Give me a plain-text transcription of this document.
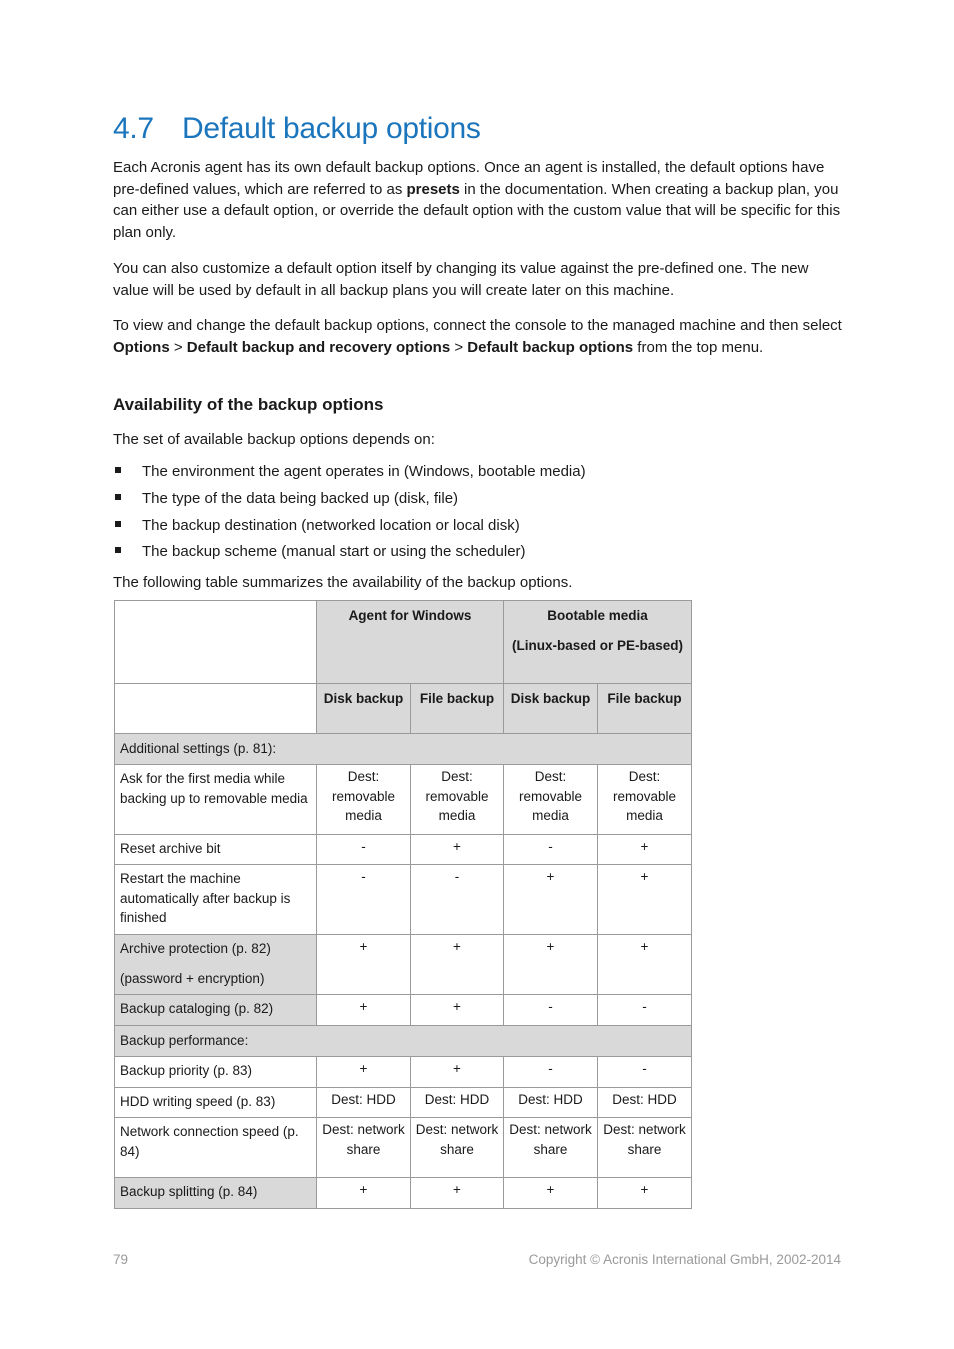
4.7 Default backup options

Each Acronis agent has its own default backup options. Once an agent is installed, the default options have pre-defined values, which are referred to as presets in the documentation. When creating a backup plan, you can either use a default option, or override the default option with the custom value that will be specific for this plan only.

You can also customize a default option itself by changing its value against the pre-defined one. The new value will be used by default in all backup plans you will create later on this machine.

To view and change the default backup options, connect the console to the managed machine and then select Options > Default backup and recovery options > Default backup options from the top menu.

Availability of the backup options

The set of available backup options depends on:

The environment the agent operates in (Windows, bootable media)
The type of the data being backed up (disk, file)
The backup destination (networked location or local disk)
The backup scheme (manual start or using the scheduler)

The following table summarizes the availability of the backup options.

	Agent for Windows		Bootable media
(Linux-based or PE-based)	

	Disk backup	File backup	Disk backup	File backup
Additional settings (p. 81):				
Ask for the first media while backing up to removable media	Dest: removable media	Dest: removable media	Dest: removable media	Dest: removable media
Reset archive bit	-	+	-	+
Restart the machine automatically after backup is finished	-	-	+	+

Archive protection (p. 82)
(password + encryption)	+	+	+	+
Backup cataloging (p. 82)	+	+	-	-
Backup performance:				
Backup priority (p. 83)	+	+	-	-
HDD writing speed (p. 83)	Dest: HDD	Dest: HDD	Dest: HDD	Dest: HDD
Network connection speed (p. 84)	Dest: network share	Dest: network share	Dest: network share	Dest: network share
Backup splitting (p. 84)	+	+	+	+
79	Copyright © Acronis International GmbH, 2002-2014
